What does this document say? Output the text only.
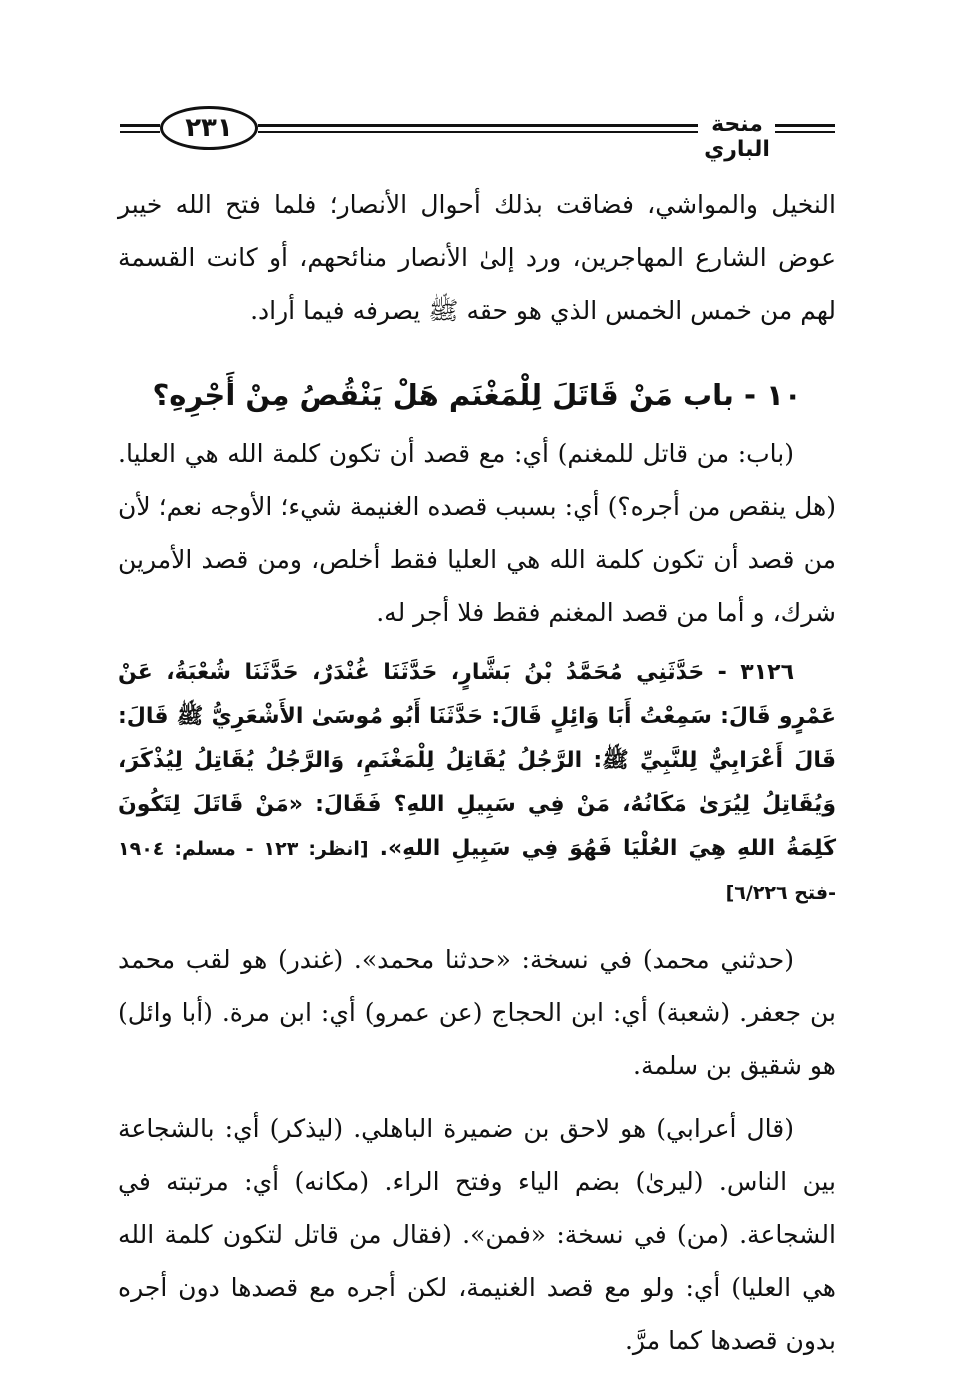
٢٣١	منحة الباري

النخيل والمواشي، فضاقت بذلك أحوال الأنصار؛ فلما فتح الله خيبر عوض الشارع المهاجرين، ورد إلىٰ الأنصار منائحهم، أو كانت القسمة لهم من خمس الخمس الذي هو حقه ﷺ يصرفه فيما أراد.

١٠ - باب مَنْ قَاتَلَ لِلْمَغْنَم هَلْ يَنْقُصُ مِنْ أَجْرِهِ؟

(باب: من قاتل للمغنم) أي: مع قصد أن تكون كلمة الله هي العليا. (هل ينقص من أجره؟) أي: بسبب قصده الغنيمة شيء؛ الأوجه نعم؛ لأن من قصد أن تكون كلمة الله هي العليا فقط أخلص، ومن قصد الأمرين شرك، و أما من قصد المغنم فقط فلا أجر له.

٣١٢٦ - حَدَّثَنِي مُحَمَّدُ بْنُ بَشَّارٍ، حَدَّثَنَا غُنْدَرٌ، حَدَّثَنَا شُعْبَةُ، عَنْ عَمْرٍو قَالَ: سَمِعْتُ أَبَا وَائِلٍ قَالَ: حَدَّثَنَا أَبُو مُوسَىٰ الأَشْعَرِيُّ ﷺ قَالَ: قَالَ أَعْرَابِيٌّ لِلنَّبِيِّ ﷺ: الرَّجُلُ يُقَاتِلُ لِلْمَغْنَمِ، وَالرَّجُلُ يُقَاتِلُ لِيُذْكَرَ، وَيُقَاتِلُ لِيُرَىٰ مَكَانُهُ، مَنْ فِي سَبِيلِ اللهِ؟ فَقَالَ: «مَنْ قَاتَلَ لِتَكُونَ كَلِمَةُ اللهِ هِيَ العُلْيَا فَهُوَ فِي سَبِيلِ اللهِ». [انظر: ١٢٣ - مسلم: ١٩٠٤ -فتح ٦/٢٢٦]

(حدثني محمد) في نسخة: «حدثنا محمد». (غندر) هو لقب محمد بن جعفر. (شعبة) أي: ابن الحجاج (عن عمرو) أي: ابن مرة. (أبا وائل) هو شقيق بن سلمة.

(قال أعرابي) هو لاحق بن ضميرة الباهلي. (ليذكر) أي: بالشجاعة بين الناس. (ليرىٰ) بضم الياء وفتح الراء. (مكانه) أي: مرتبته في الشجاعة. (من) في نسخة: «فمن». (فقال من قاتل لتكون كلمة الله هي العليا) أي: ولو مع قصد الغنيمة، لكن أجره مع قصدها دون أجره بدون قصدها كما مرَّ.
